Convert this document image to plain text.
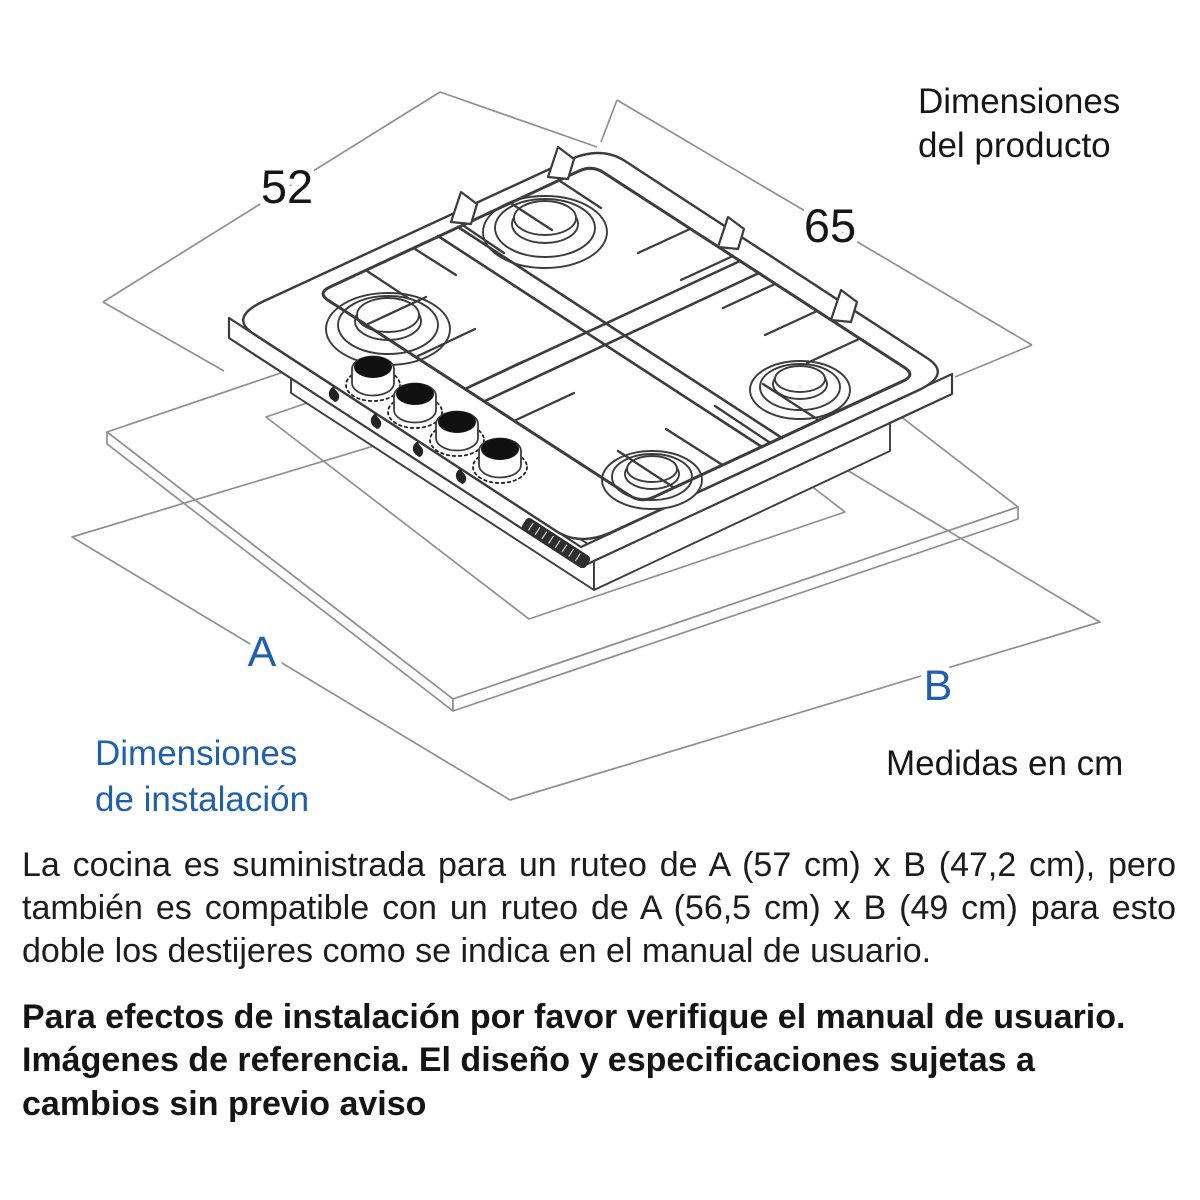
52
65
A
B
Dimensiones
del producto
Dimensiones
de instalación
Medidas en cm

La cocina es suministrada para un ruteo de A (57 cm) x B (47,2 cm), pero también es compatible con un ruteo de A (56,5 cm) x B (49 cm) para esto doble los destijeres como se indica en el manual de usuario.

Para efectos de instalación por favor verifique el manual de usuario. Imágenes de referencia. El diseño y especificaciones sujetas a cambios sin previo aviso
